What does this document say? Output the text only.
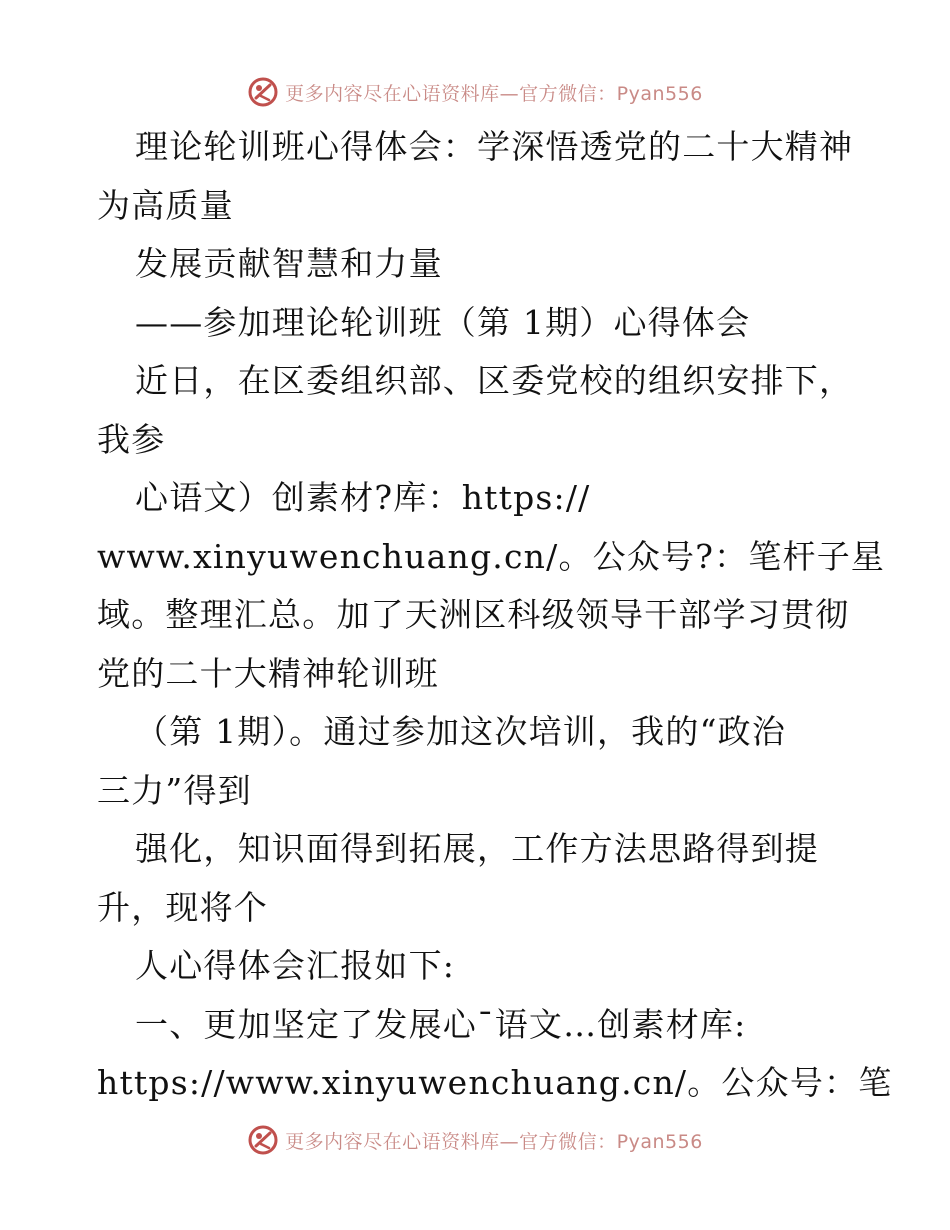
更多内容尽在心语资料库—官方微信：Pyan556
理论轮训班心得体会：学深悟透党的二十大精神
为高质量
发展贡献智慧和力量
——参加理论轮训班（第 1期）心得体会
近日，在区委组织部、区委党校的组织安排下，
我参
心语文）创素材?库：https://
www.xinyuwenchuang.cn/。公众号?：笔杆子星
域。整理汇总。加了天洲区科级领导干部学习贯彻
党的二十大精神轮训班
（第 1期）。通过参加这次培训，我的“政治
三力”得到
强化，知识面得到拓展，工作方法思路得到提
升，现将个
人心得体会汇报如下:
一、更加坚定了发展心¯语文…创素材库:
https://www.xinyuwenchuang.cn/。公众号：笔
更多内容尽在心语资料库—官方微信：Pyan556
